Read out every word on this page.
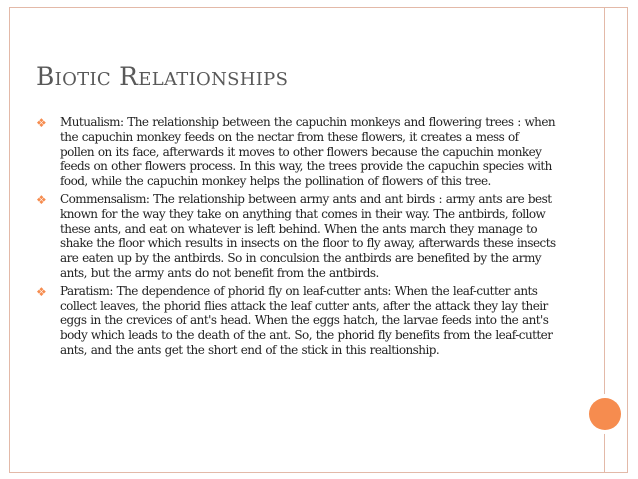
Biotic Relationships
❖ Mutualism: The relationship between the capuchin monkeys and flowering trees : when the capuchin monkey feeds on the nectar from these flowers, it creates a mess of pollen on its face, afterwards it moves to other flowers because the capuchin monkey feeds on other flowers process. In this way, the trees provide the capuchin species with food, while the capuchin monkey helps the pollination of flowers of this tree.
❖ Commensalism: The relationship between army ants and ant birds : army ants are best known for the way they take on anything that comes in their way. The antbirds, follow these ants, and eat on whatever is left behind. When the ants march they manage to shake the floor which results in insects on the floor to fly away, afterwards these insects are eaten up by the antbirds. So in conculsion the antbirds are benefited by the army ants, but the army ants do not benefit from the antbirds.
❖ Paratism: The dependence of phorid fly on leaf-cutter ants: When the leaf-cutter ants collect leaves, the phorid flies attack the leaf cutter ants, after the attack they lay their eggs in the crevices of ant's head. When the eggs hatch, the larvae feeds into the ant's body which leads to the death of the ant. So, the phorid fly benefits from the leaf-cutter ants, and the ants get the short end of the stick in this realtionship.
